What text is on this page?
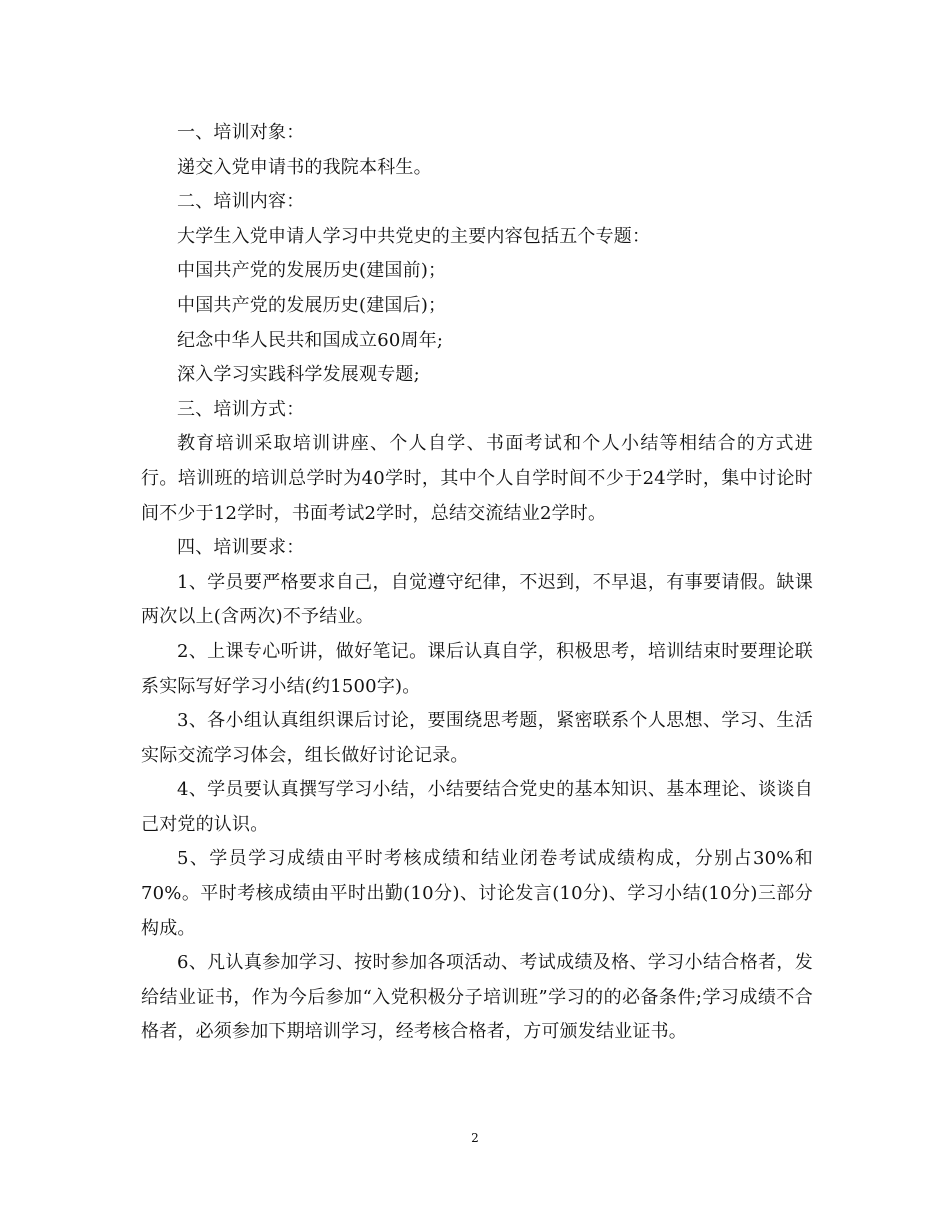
一、培训对象：

递交入党申请书的我院本科生。

二、培训内容：

大学生入党申请人学习中共党史的主要内容包括五个专题：

中国共产党的发展历史(建国前)；

中国共产党的发展历史(建国后)；

纪念中华人民共和国成立60周年;

深入学习实践科学发展观专题;

三、培训方式：

教育培训采取培训讲座、个人自学、书面考试和个人小结等相结合的方式进行。培训班的培训总学时为40学时，其中个人自学时间不少于24学时，集中讨论时间不少于12学时，书面考试2学时，总结交流结业2学时。

四、培训要求：

1、学员要严格要求自己，自觉遵守纪律，不迟到，不早退，有事要请假。缺课两次以上(含两次)不予结业。

2、上课专心听讲，做好笔记。课后认真自学，积极思考，培训结束时要理论联系实际写好学习小结(约1500字)。

3、各小组认真组织课后讨论，要围绕思考题，紧密联系个人思想、学习、生活实际交流学习体会，组长做好讨论记录。

4、学员要认真撰写学习小结，小结要结合党史的基本知识、基本理论、谈谈自己对党的认识。

5、学员学习成绩由平时考核成绩和结业闭卷考试成绩构成，分别占30%和70%。平时考核成绩由平时出勤(10分)、讨论发言(10分)、学习小结(10分)三部分构成。

6、凡认真参加学习、按时参加各项活动、考试成绩及格、学习小结合格者，发给结业证书，作为今后参加“入党积极分子培训班”学习的的必备条件;学习成绩不合格者，必须参加下期培训学习，经考核合格者，方可颁发结业证书。

2
